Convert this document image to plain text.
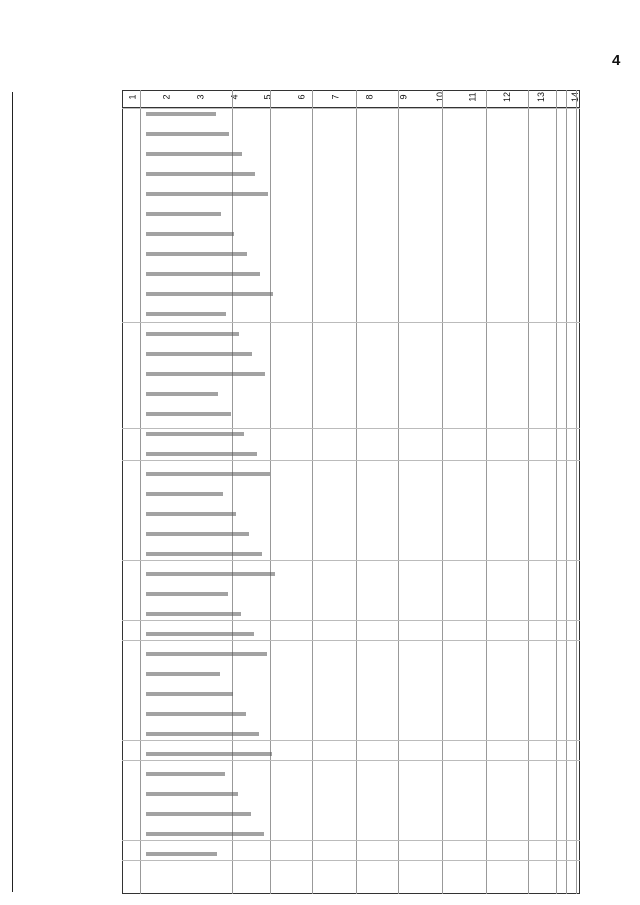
4
1	2	3	4	5	6	7	8	9	10	11	12	13	14
